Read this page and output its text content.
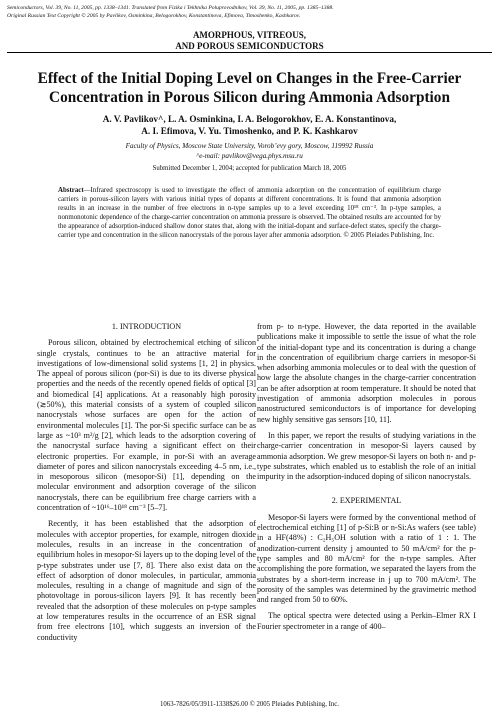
Semiconductors, Vol. 39, No. 11, 2005, pp. 1338–1341. Translated from Fizika i Tekhnika Poluprovodnikov, Vol. 39, No. 11, 2005, pp. 1385–1388.
Original Russian Text Copyright © 2005 by Pavlikov, Osminkina, Belogorokhov, Konstantinova, Efimova, Timoshenko, Kashkarov.
AMORPHOUS, VITREOUS,
AND POROUS SEMICONDUCTORS
Effect of the Initial Doping Level on Changes in the Free-Carrier
Concentration in Porous Silicon during Ammonia Adsorption
A. V. Pavlikov^, L. A. Osminkina, I. A. Belogorokhov, E. A. Konstantinova,
A. I. Efimova, V. Yu. Timoshenko, and P. K. Kashkarov
Faculty of Physics, Moscow State University, Vorob’evy gory, Moscow, 119992 Russia
^e-mail: pavlikov@vega.phys.msu.ru
Submitted December 1, 2004; accepted for publication March 18, 2005
Abstract—Infrared spectroscopy is used to investigate the effect of ammonia adsorption on the concentration of equilibrium charge carriers in porous-silicon layers with various initial types of dopants at different concentrations. It is found that ammonia adsorption results in an increase in the number of free electrons in n-type samples up to a level exceeding 10¹⁸ cm⁻³. In p-type samples, a nonmonotonic dependence of the charge-carrier concentration on ammonia pressure is observed. The obtained results are accounted for by the appearance of adsorption-induced shallow donor states that, along with the initial-dopant and surface-defect states, specify the charge-carrier type and concentration in the silicon nanocrystals of the porous layer after ammonia adsorption. © 2005 Pleiades Publishing, Inc.
1. INTRODUCTION

Porous silicon, obtained by electrochemical etching of silicon single crystals, continues to be an attractive material for investigations of low-dimensional solid systems [1, 2] in physics. The appeal of porous silicon (por-Si) is due to its diverse physical properties and the needs of the recently opened fields of optical [3] and biomedical [4] applications. At a reasonably high porosity (≳50%), this material consists of a system of coupled silicon nanocrystals whose surfaces are open for the action of environmental molecules [1]. The por-Si specific surface can be as large as ~10³ m²/g [2], which leads to the adsorption covering of the nanocrystal surface having a significant effect on their electronic properties. For example, in por-Si with an average diameter of pores and silicon nanocrystals exceeding 4–5 nm, i.e., in mesoporous silicon (mesopor-Si) [1], depending on the molecular environment and adsorption coverage of the silicon nanocrystals, there can be equilibrium free charge carriers with a concentration of ~10¹⁶–10¹⁸ cm⁻³ [5–7].

Recently, it has been established that the adsorption of molecules with acceptor properties, for example, nitrogen dioxide molecules, results in an increase in the concentration of equilibrium holes in mesopor-Si layers up to the doping level of the p-type substrates under use [7, 8]. There also exist data on the effect of adsorption of donor molecules, in particular, ammonia molecules, resulting in a change of magnitude and sign of the photovoltage in porous-silicon layers [9]. It has recently been revealed that the adsorption of these molecules on p-type samples at low temperatures results in the occurrence of an ESR signal from free electrons [10], which suggests an inversion of the conductivity

from p- to n-type. However, the data reported in the available publications make it impossible to settle the issue of what the role of the initial-dopant type and its concentration is during a change in the concentration of equilibrium charge carriers in mesopor-Si when adsorbing ammonia molecules or to deal with the question of how large the absolute changes in the charge-carrier concentration can be after adsorption at room temperature. It should be noted that investigation of ammonia adsorption molecules in porous nanostructured semiconductors is of importance for developing new highly sensitive gas sensors [10, 11].

In this paper, we report the results of studying variations in the charge-carrier concentration in mesopor-Si layers caused by ammonia adsorption. We grew mesopor-Si layers on both n- and p-type substrates, which enabled us to establish the role of an initial impurity in the adsorption-induced doping of silicon nanocrystals.

2. EXPERIMENTAL

Mesopor-Si layers were formed by the conventional method of electrochemical etching [1] of p-Si:B or n-Si:As wafers (see table) in a HF(48%) : C₂H₅OH solution with a ratio of 1 : 1. The anodization-current density j amounted to 50 mA/cm² for the p-type samples and 80 mA/cm² for the n-type samples. After accomplishing the pore formation, we separated the layers from the substrates by a short-term increase in j up to 700 mA/cm². The porosity of the samples was determined by the gravimetric method and ranged from 50 to 60%.

The optical spectra were detected using a Perkin–Elmer RX I Fourier spectrometer in a range of 400–

1063-7826/05/3911-1338$26.00 © 2005 Pleiades Publishing, Inc.
